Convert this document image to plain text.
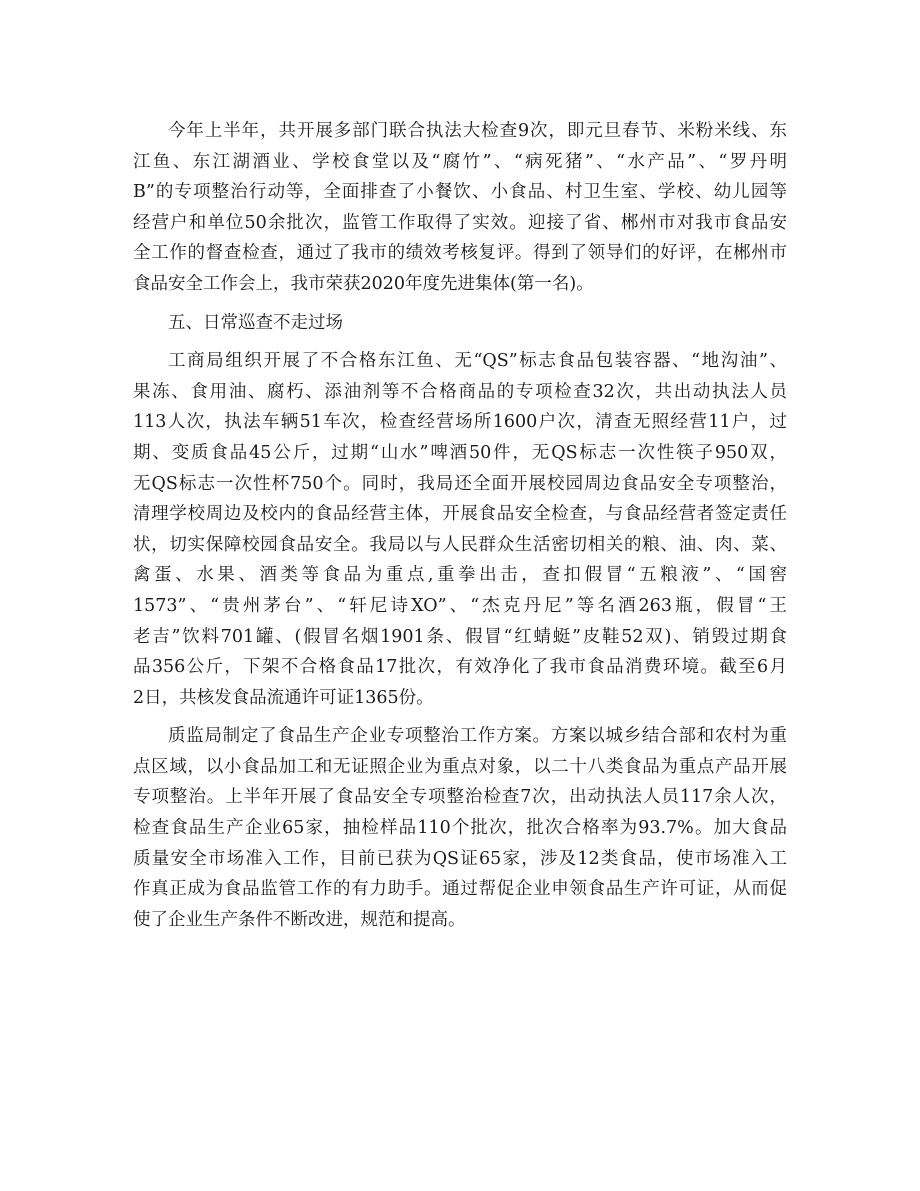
今年上半年，共开展多部门联合执法大检查9次，即元旦春节、米粉米线、东
江鱼、东江湖酒业、学校食堂以及“腐竹”、“病死猪”、“水产品”、“罗丹明
B”的专项整治行动等，全面排查了小餐饮、小食品、村卫生室、学校、幼儿园等
经营户和单位50余批次，监管工作取得了实效。迎接了省、郴州市对我市食品安
全工作的督查检查，通过了我市的绩效考核复评。得到了领导们的好评，在郴州市
食品安全工作会上，我市荣获2020年度先进集体(第一名)。
五、日常巡查不走过场
工商局组织开展了不合格东江鱼、无“QS”标志食品包装容器、“地沟油”、
果冻、食用油、腐朽、添油剂等不合格商品的专项检查32次，共出动执法人员
113人次，执法车辆51车次，检查经营场所1600户次，清查无照经营11户，过
期、变质食品45公斤，过期“山水”啤酒50件，无QS标志一次性筷子950双，
无QS标志一次性杯750个。同时，我局还全面开展校园周边食品安全专项整治，
清理学校周边及校内的食品经营主体，开展食品安全检查，与食品经营者签定责任
状，切实保障校园食品安全。我局以与人民群众生活密切相关的粮、油、肉、菜、
禽蛋、水果、酒类等食品为重点,重拳出击，查扣假冒“五粮液”、“国窖
1573”、“贵州茅台”、“轩尼诗XO”、“杰克丹尼”等名酒263瓶，假冒“王
老吉”饮料701罐、(假冒名烟1901条、假冒“红蜻蜓”皮鞋52双)、销毁过期食
品356公斤，下架不合格食品17批次，有效净化了我市食品消费环境。截至6月
2日，共核发食品流通许可证1365份。
质监局制定了食品生产企业专项整治工作方案。方案以城乡结合部和农村为重
点区域，以小食品加工和无证照企业为重点对象，以二十八类食品为重点产品开展
专项整治。上半年开展了食品安全专项整治检查7次，出动执法人员117余人次，
检查食品生产企业65家，抽检样品110个批次，批次合格率为93.7%。加大食品
质量安全市场准入工作，目前已获为QS证65家，涉及12类食品，使市场准入工
作真正成为食品监管工作的有力助手。通过帮促企业申领食品生产许可证，从而促
使了企业生产条件不断改进，规范和提高。
